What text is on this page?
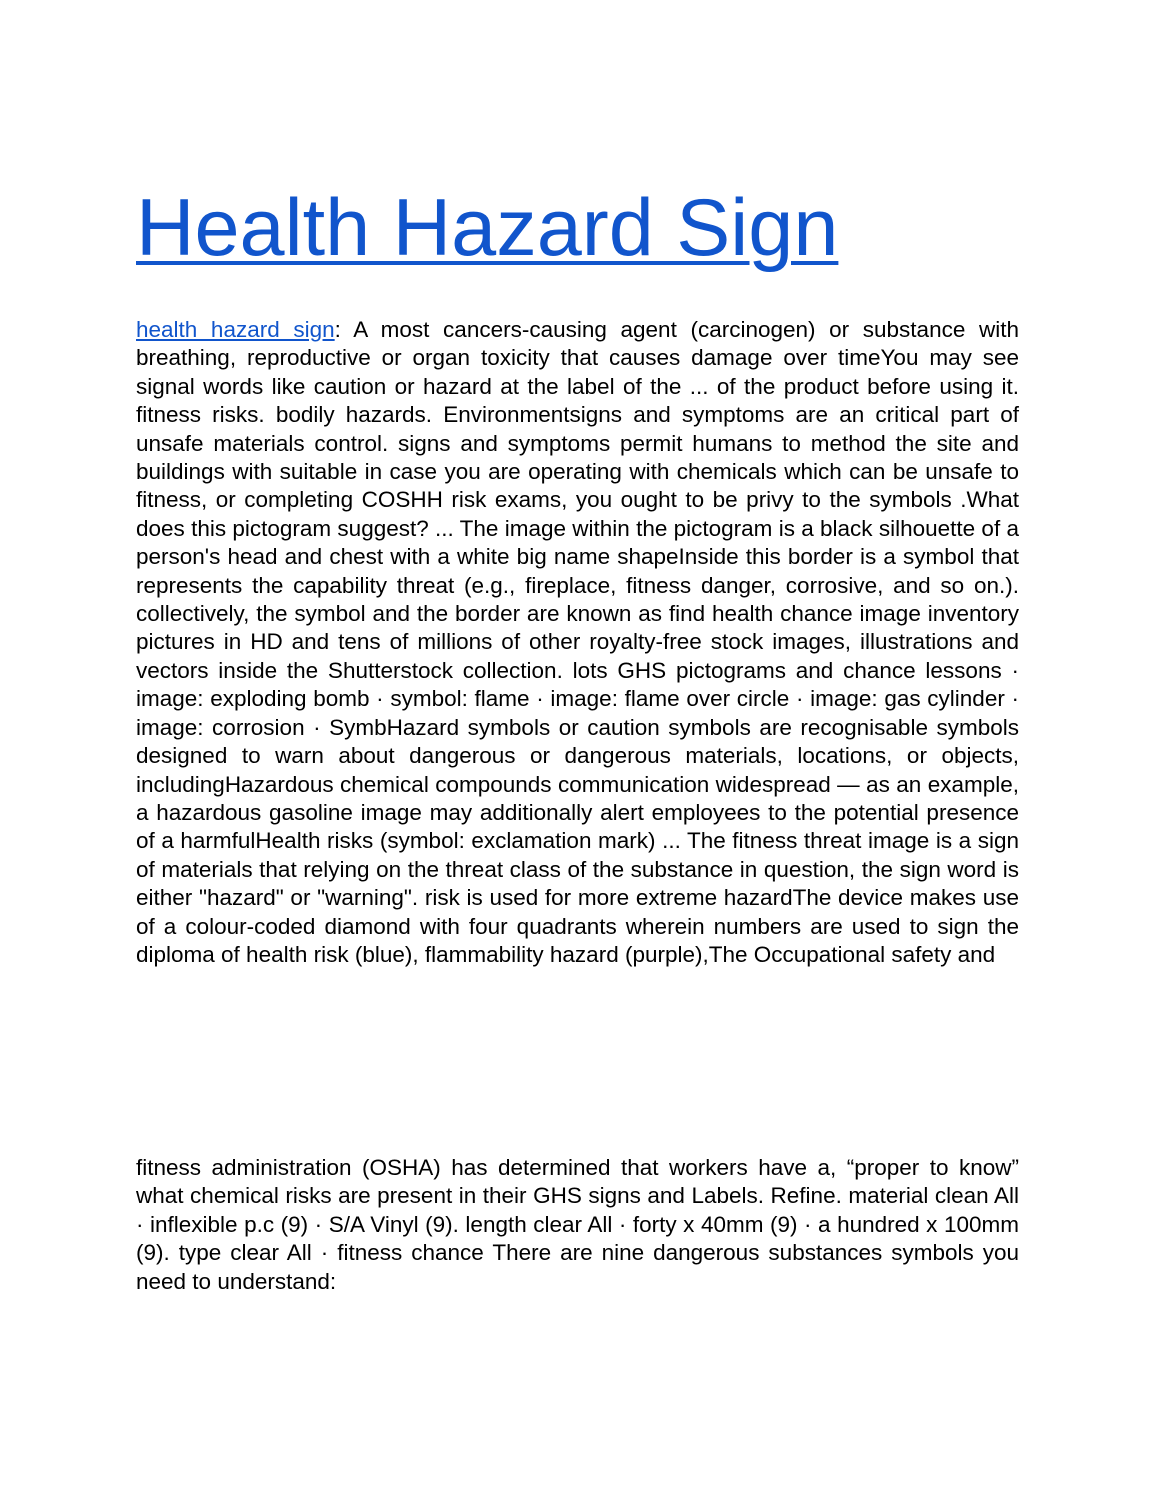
Health Hazard Sign

health hazard sign: A most cancers-causing agent (carcinogen) or substance with breathing, reproductive or organ toxicity that causes damage over timeYou may see signal words like caution or hazard at the label of the ... of the product before using it. fitness risks. bodily hazards. Environmentsigns and symptoms are an critical part of unsafe materials control. signs and symptoms permit humans to method the site and buildings with suitable in case you are operating with chemicals which can be unsafe to fitness, or completing COSHH risk exams, you ought to be privy to the symbols .What does this pictogram suggest? ... The image within the pictogram is a black silhouette of a person's head and chest with a white big name shapeInside this border is a symbol that represents the capability threat (e.g., fireplace, fitness danger, corrosive, and so on.). collectively, the symbol and the border are known as find health chance image inventory pictures in HD and tens of millions of other royalty-free stock images, illustrations and vectors inside the Shutterstock collection. lots GHS pictograms and chance lessons · image: exploding bomb · symbol: flame · image: flame over circle · image: gas cylinder · image: corrosion · SymbHazard symbols or caution symbols are recognisable symbols designed to warn about dangerous or dangerous materials, locations, or objects, includingHazardous chemical compounds communication widespread — as an example, a hazardous gasoline image may additionally alert employees to the potential presence of a harmfulHealth risks (symbol: exclamation mark) ... The fitness threat image is a sign of materials that relying on the threat class of the substance in question, the sign word is either "hazard" or "warning". risk is used for more extreme hazardThe device makes use of a colour-coded diamond with four quadrants wherein numbers are used to sign the diploma of health risk (blue), flammability hazard (purple),The Occupational safety and

fitness administration (OSHA) has determined that workers have a, “proper to know” what chemical risks are present in their GHS signs and Labels. Refine. material clean All · inflexible p.c (9) · S/A Vinyl (9). length clear All · forty x 40mm (9) · a hundred x 100mm (9). type clear All · fitness chance There are nine dangerous substances symbols you need to understand:
